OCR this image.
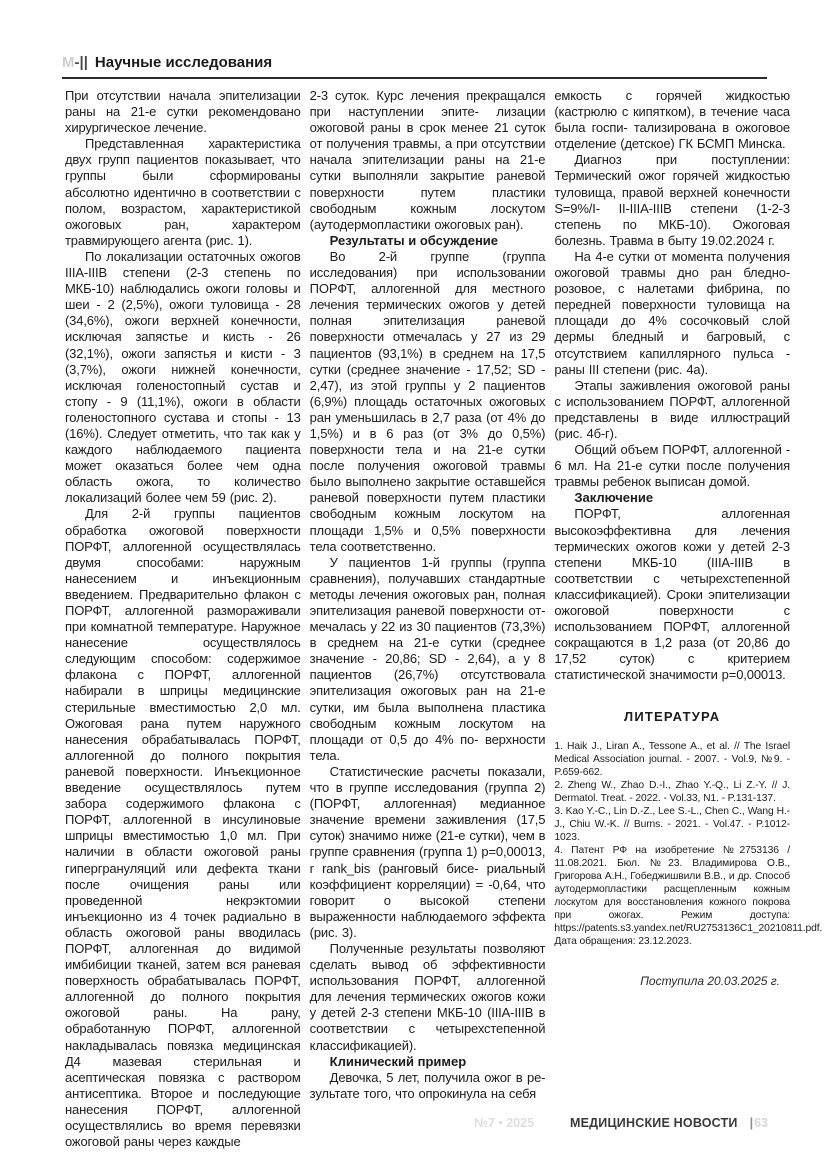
М-|| Научные исследования

При отсутствии начала эпителизации раны на 21-е сутки рекомендовано хирургическое лечение.

Представленная характеристика двух групп пациентов показывает, что группы были сформированы абсолютно идентично в соответствии с полом, возрастом, характеристикой ожоговых ран, характером травмирующего агента (рис. 1).

По локализации остаточных ожогов IIIA-IIIB степени (2-3 степень по МКБ-10) наблюдались ожоги головы и шеи - 2 (2,5%), ожоги туловища - 28 (34,6%), ожоги верхней конечности, исключая запястье и кисть - 26 (32,1%), ожоги запястья и кисти - 3 (3,7%), ожоги нижней конечности, исключая голеностопный сустав и стопу - 9 (11,1%), ожоги в области голеностопного сустава и стопы - 13 (16%). Следует отметить, что так как у каждого наблюдаемого пациента может оказаться более чем одна область ожога, то количество локализаций более чем 59 (рис. 2).

Для 2-й группы пациентов обработка ожоговой поверхности ПОРФТ, аллогенной осуществлялась двумя способами: наружным нанесением и инъекционным введением. Предварительно флакон с ПОРФТ, аллогенной размораживали при комнатной температуре. Наружное нанесение осуществлялось следующим способом: содержимое флакона с ПОРФТ, аллогенной набирали в шприцы медицинские стерильные вместимостью 2,0 мл. Ожоговая рана путем наружного нанесения обрабатывалась ПОРФТ, аллогенной до полного покрытия раневой поверхности. Инъекционное введение осуществлялось путем забора содержимого флакона с ПОРФТ, аллогенной в инсулиновые шприцы вместимостью 1,0 мл. При наличии в области ожоговой раны гипергрануляций или дефекта ткани после очищения раны или проведенной некрэктомии инъекционно из 4 точек радиально в область ожоговой раны вводилась ПОРФТ, аллогенная до видимой имбибиции тканей, затем вся раневая поверхность обрабатывалась ПОРФТ, аллогенной до полного покрытия ожоговой раны. На рану, обработанную ПОРФТ, аллогенной накладывалась повязка медицинская Д4 мазевая стерильная и асептическая повязка с раствором антисептика. Второе и последующие нанесения ПОРФТ, аллогенной осуществлялись во время перевязки ожоговой раны через каждые

2-3 суток. Курс лечения прекращался при наступлении эпите- лизации ожоговой раны в срок менее 21 суток от получения травмы, а при отсутствии начала эпителизации раны на 21-е сутки выполняли закрытие раневой поверхности путем пластики свободным кожным лоскутом (аутодермопластики ожоговых ран).

Результаты и обсуждение

Во 2-й группе (группа исследования) при использовании ПОРФТ, аллогенной для местного лечения термических ожогов у детей полная эпителизация раневой поверхности отмечалась у 27 из 29 пациентов (93,1%) в среднем на 17,5 сутки (среднее значение - 17,52; SD - 2,47), из этой группы у 2 пациентов (6,9%) площадь остаточных ожоговых ран уменьшилась в 2,7 раза (от 4% до 1,5%) и в 6 раз (от 3% до 0,5%) поверхности тела и на 21-е сутки после получения ожоговой травмы было выполнено закрытие оставшейся раневой поверхности путем пластики свободным кожным лоскутом на площади 1,5% и 0,5% поверхности тела соответственно.

У пациентов 1-й группы (группа сравнения), получавших стандартные методы лечения ожоговых ран, полная эпителизация раневой поверхности от- мечалась у 22 из 30 пациентов (73,3%) в среднем на 21-е сутки (среднее значение - 20,86; SD - 2,64), а у 8 пациентов (26,7%) отсутствовала эпителизация ожоговых ран на 21-е сутки, им была выполнена пластика свободным кожным лоскутом на площади от 0,5 до 4% по- верхности тела.

Статистические расчеты показали, что в группе исследования (группа 2) (ПОРФТ, аллогенная) медианное значение времени заживления (17,5 суток) значимо ниже (21-е сутки), чем в группе сравнения (группа 1) p=0,00013, r rank_bis (ранговый бисе- риальный коэффициент корреляции) = -0,64, что говорит о высокой степени выраженности наблюдаемого эффекта (рис. 3).

Полученные результаты позволяют сделать вывод об эффективности использования ПОРФТ, аллогенной для лечения термических ожогов кожи у детей 2-3 степени МКБ-10 (IIIA-IIIB в соответствии с четырехстепенной классификацией).

Клинический пример

Девочка, 5 лет, получила ожог в ре- зультате того, что опрокинула на себя

емкость с горячей жидкостью (кастрюлю с кипятком), в течение часа была госпи- тализирована в ожоговое отделение (детское) ГК БСМП Минска.

Диагноз при поступлении: Термический ожог горячей жидкостью туловища, правой верхней конечности S=9%/I- II-IIIA-IIIB степени (1-2-3 степень по МКБ-10). Ожоговая болезнь. Травма в быту 19.02.2024 г.

На 4-е сутки от момента получения ожоговой травмы дно ран бледно-розовое, с налетами фибрина, по передней поверхности туловища на площади до 4% сосочковый слой дермы бледный и багровый, с отсутствием капиллярного пульса - раны III степени (рис. 4а).

Этапы заживления ожоговой раны с использованием ПОРФТ, аллогенной представлены в виде иллюстраций (рис. 4б-г).

Общий объем ПОРФТ, аллогенной - 6 мл. На 21-е сутки после получения травмы ребенок выписан домой.

Заключение

ПОРФТ, аллогенная высокоэффективна для лечения термических ожогов кожи у детей 2-3 степени МКБ-10 (IIIA-IIIB в соответствии с четырехстепенной классификацией). Сроки эпителизации ожоговой поверхности с использованием ПОРФТ, аллогенной сокращаются в 1,2 раза (от 20,86 до 17,52 суток) с критерием статистической значимости p=0,00013.

ЛИТЕРАТУРА

1. Haik J., Liran A., Tessone A., et al. // The Israel Medical Association journal. - 2007. - Vol.9, №9. - P.659-662.

2. Zheng W., Zhao D.-I., Zhao Y.-Q., Li Z.-Y. // J. Dermatol. Treat. - 2022. - Vol.33, N1. - P.131-137.

3. Kao Y.-C., Lin D.-Z., Lee S.-L., Chen C., Wang H.-J., Chiu W.-K. // Burns. - 2021. - Vol.47. - P.1012-1023.

4. Патент РФ на изобретение №2753136 / 11.08.2021. Бюл. №23. Владимирова О.В., Григорова А.Н., Гобеджишвили В.В., и др. Способ аутодермопластики расщепленным кожным лоскутом для восстановления кожного покрова при ожогах. Режим доступа: https://patents.s3.yandex.net/RU2753136C1_20210811.pdf. Дата обращения: 23.12.2023.

Поступила 20.03.2025 г.

№7 • 2025	МЕДИЦИНСКИЕ НОВОСТИ | 63
